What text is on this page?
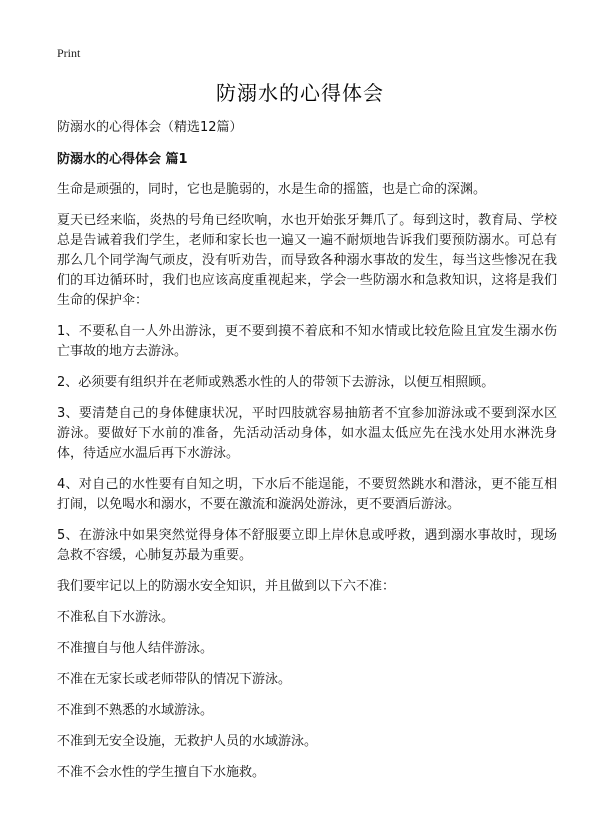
Print
防溺水的心得体会

防溺水的心得体会（精选12篇）

防溺水的心得体会 篇1

生命是顽强的，同时，它也是脆弱的，水是生命的摇篮，也是亡命的深渊。

夏天已经来临，炎热的号角已经吹响，水也开始张牙舞爪了。每到这时，教育局、学校总是告诫着我们学生，老师和家长也一遍又一遍不耐烦地告诉我们要预防溺水。可总有那么几个同学淘气顽皮，没有听劝告，而导致各种溺水事故的发生，每当这些惨况在我们的耳边循环时，我们也应该高度重视起来，学会一些防溺水和急救知识，这将是我们生命的保护伞：

1、不要私自一人外出游泳，更不要到摸不着底和不知水情或比较危险且宜发生溺水伤亡事故的地方去游泳。

2、必须要有组织并在老师或熟悉水性的人的带领下去游泳，以便互相照顾。

3、要清楚自己的身体健康状况，平时四肢就容易抽筋者不宜参加游泳或不要到深水区游泳。要做好下水前的准备，先活动活动身体，如水温太低应先在浅水处用水淋洗身体，待适应水温后再下水游泳。

4、对自己的水性要有自知之明，下水后不能逞能，不要贸然跳水和潜泳，更不能互相打闹，以免喝水和溺水，不要在激流和漩涡处游泳，更不要酒后游泳。

5、在游泳中如果突然觉得身体不舒服要立即上岸休息或呼救，遇到溺水事故时，现场急救不容缓，心肺复苏最为重要。

我们要牢记以上的防溺水安全知识，并且做到以下六不准：

不准私自下水游泳。

不准擅自与他人结伴游泳。

不准在无家长或老师带队的情况下游泳。

不准到不熟悉的水域游泳。

不准到无安全设施，无救护人员的水域游泳。

不准不会水性的学生擅自下水施救。
